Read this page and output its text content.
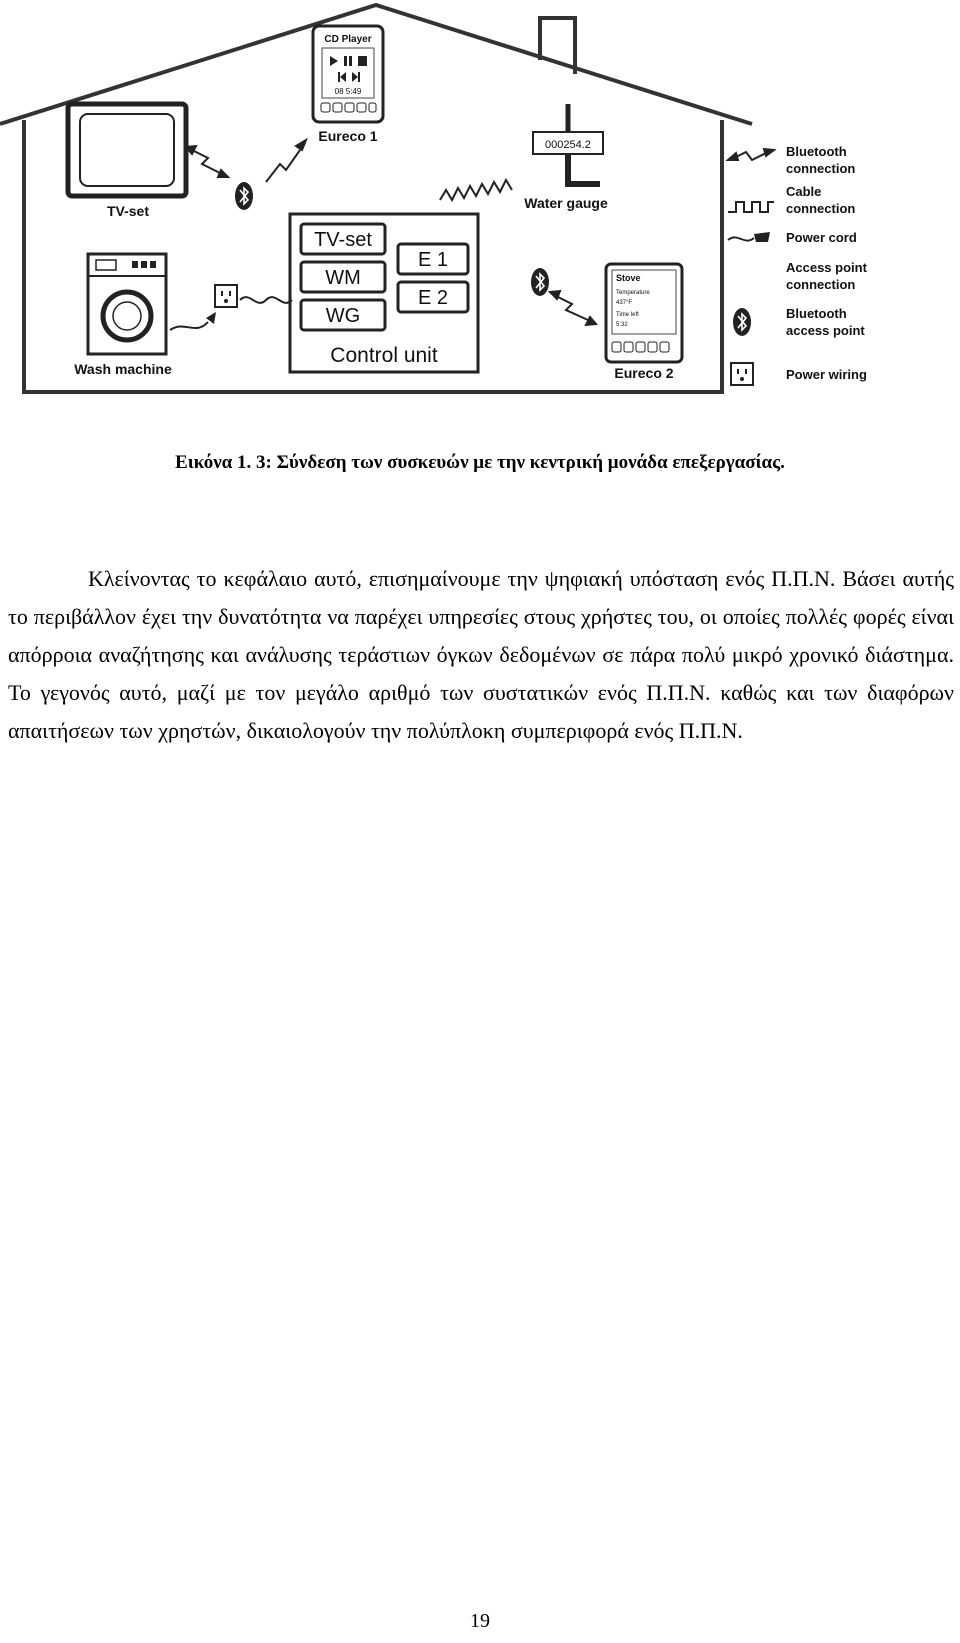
TV-set
CD Player
08 5:49
Eureco 1
000254.2
Water gauge
TV-set
WM
WG
E 1
E 2
Control unit
Wash machine
Stove
Temperature
437°F
Time left
5:32
Eureco 2
Bluetooth
connection
Cable
connection
Power cord
Access point
connection
Bluetooth
access point
Power wiring
Εικόνα 1. 3: Σύνδεση των συσκευών με την κεντρική μονάδα επεξεργασίας.

Κλείνοντας το κεφάλαιο αυτό, επισημαίνουμε την ψηφιακή υπόσταση ενός Π.Π.Ν. Βάσει αυτής το περιβάλλον έχει την δυνατότητα να παρέχει υπηρεσίες στους χρήστες του, οι οποίες πολλές φορές είναι απόρροια αναζήτησης και ανάλυσης τεράστιων όγκων δεδομένων σε πάρα πολύ μικρό χρονικό διάστημα. Το γεγονός αυτό, μαζί με τον μεγάλο αριθμό των συστατικών ενός Π.Π.Ν. καθώς και των διαφόρων απαιτήσεων των χρηστών, δικαιολογούν την πολύπλοκη συμπεριφορά ενός Π.Π.Ν.

19
